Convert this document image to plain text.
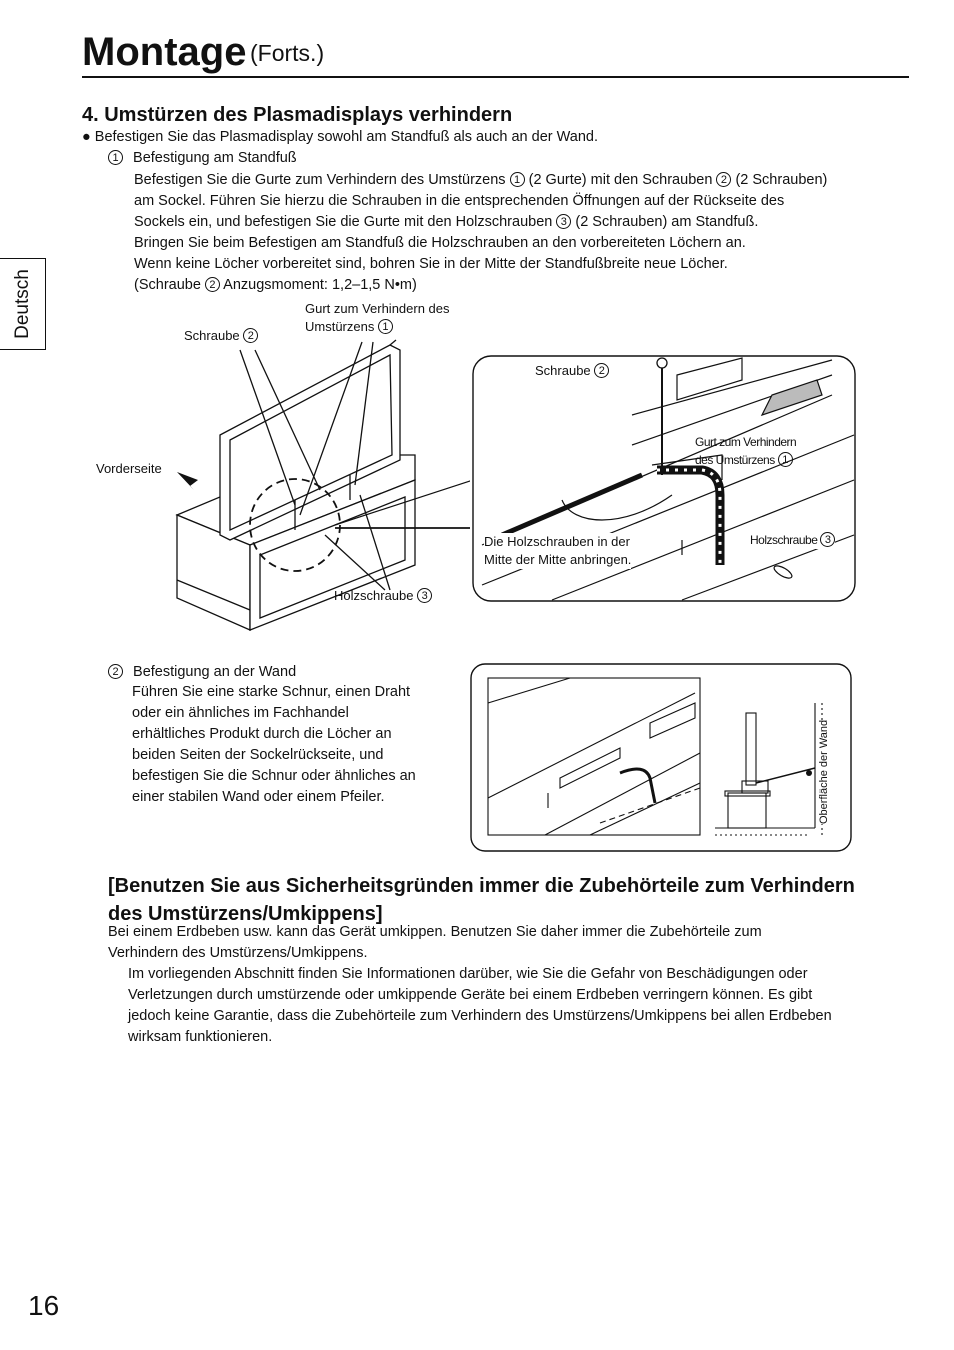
Montage (Forts.)
Deutsch
4. Umstürzen des Plasmadisplays verhindern
● Befestigen Sie das Plasmadisplay sowohl am Standfuß als auch an der Wand.
1 Befestigung am Standfuß
Befestigen Sie die Gurte zum Verhindern des Umstürzens 1 (2 Gurte) mit den Schrauben 2 (2 Schrauben)
am Sockel. Führen Sie hierzu die Schrauben in die entsprechenden Öffnungen auf der Rückseite des
Sockels ein, und befestigen Sie die Gurte mit den Holzschrauben 3 (2 Schrauben) am Standfuß.
Bringen Sie beim Befestigen am Standfuß die Holzschrauben an den vorbereiteten Löchern an.
Wenn keine Löcher vorbereitet sind, bohren Sie in der Mitte der Standfußbreite neue Löcher.
(Schraube 2 Anzugsmoment: 1,2–1,5 N•m)
Schraube 2
Gurt zum Verhindern des
Umstürzens 1
Vorderseite
Holzschraube 3
Schraube 2
Gurt zum Verhindern
des Umstürzens 1
Die Holzschrauben in der
Mitte der Mitte anbringen.
Holzschraube 3
2 Befestigung an der Wand
Führen Sie eine starke Schnur, einen Draht
oder ein ähnliches im Fachhandel
erhältliches Produkt durch die Löcher an
beiden Seiten der Sockelrückseite, und
befestigen Sie die Schnur oder ähnliches an
einer stabilen Wand oder einem Pfeiler.	Oberfläche der Wand
[Benutzen Sie aus Sicherheitsgründen immer die Zubehörteile zum Verhindern des Umstürzens/Umkippens]
Bei einem Erdbeben usw. kann das Gerät umkippen. Benutzen Sie daher immer die Zubehörteile zum
Verhindern des Umstürzens/Umkippens.
Im vorliegenden Abschnitt finden Sie Informationen darüber, wie Sie die Gefahr von Beschädigungen oder
Verletzungen durch umstürzende oder umkippende Geräte bei einem Erdbeben verringern können. Es gibt
jedoch keine Garantie, dass die Zubehörteile zum Verhindern des Umstürzens/Umkippens bei allen Erdbeben
wirksam funktionieren.
16
